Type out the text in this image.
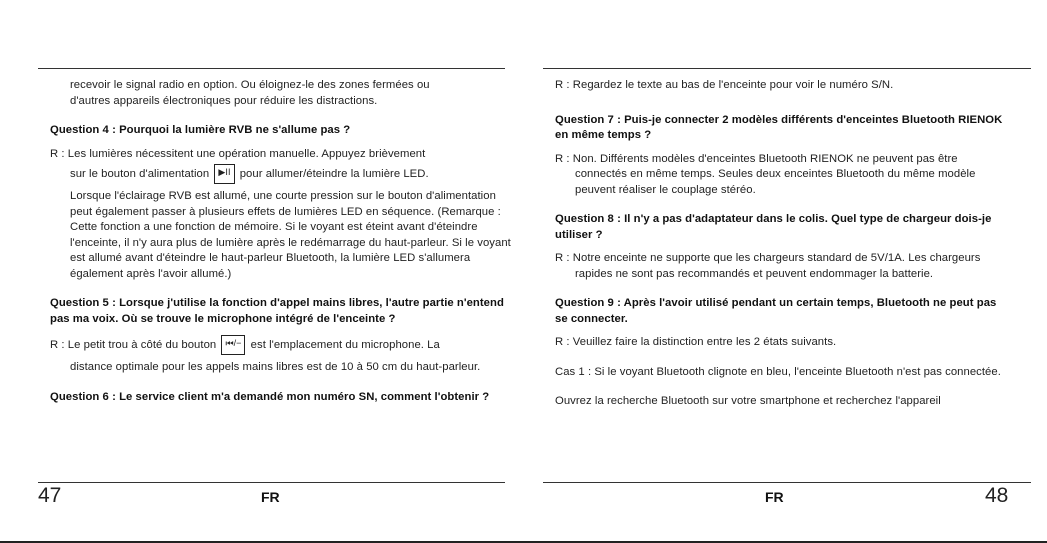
recevoir le signal radio en option. Ou éloignez-le des zones fermées ou

d'autres appareils électroniques pour réduire les distractions.

Question 4 : Pourquoi la lumière RVB ne s'allume pas ?

R : Les lumières nécessitent une opération manuelle. Appuyez brièvement

sur le bouton d'alimentation ▶II pour allumer/éteindre la lumière LED.

Lorsque l'éclairage RVB est allumé, une courte pression sur le bouton d'alimentation peut également passer à plusieurs effets de lumières LED en séquence. (Remarque : Cette fonction a une fonction de mémoire. Si le voyant est éteint avant d'éteindre l'enceinte, il n'y aura plus de lumière après le redémarrage du haut-parleur. Si le voyant est allumé avant d'éteindre le haut-parleur Bluetooth, la lumière LED s'allumera également après l'avoir allumé.)

Question 5 : Lorsque j'utilise la fonction d'appel mains libres, l'autre partie n'entend pas ma voix. Où se trouve le microphone intégré de l'enceinte ?

R : Le petit trou à côté du bouton ⏮/− est l'emplacement du microphone. La

distance optimale pour les appels mains libres est de 10 à 50 cm du haut-parleur.

Question 6 : Le service client m'a demandé mon numéro SN, comment l'obtenir ?

47	FR

R : Regardez le texte au bas de l'enceinte pour voir le numéro S/N.

Question 7 : Puis-je connecter 2 modèles différents d'enceintes Bluetooth RIENOK en même temps ?

R : Non. Différents modèles d'enceintes Bluetooth RIENOK ne peuvent pas être connectés en même temps. Seules deux enceintes Bluetooth du même modèle peuvent réaliser le couplage stéréo.

Question 8 : Il n'y a pas d'adaptateur dans le colis. Quel type de chargeur dois-je utiliser ?

R : Notre enceinte ne supporte que les chargeurs standard de 5V/1A. Les chargeurs rapides ne sont pas recommandés et peuvent endommager la batterie.

Question 9 : Après l'avoir utilisé pendant un certain temps, Bluetooth ne peut pas se connecter.

R : Veuillez faire la distinction entre les 2 états suivants.

Cas 1 : Si le voyant Bluetooth clignote en bleu, l'enceinte Bluetooth n'est pas connectée.

Ouvrez la recherche Bluetooth sur votre smartphone et recherchez l'appareil

FR	48
